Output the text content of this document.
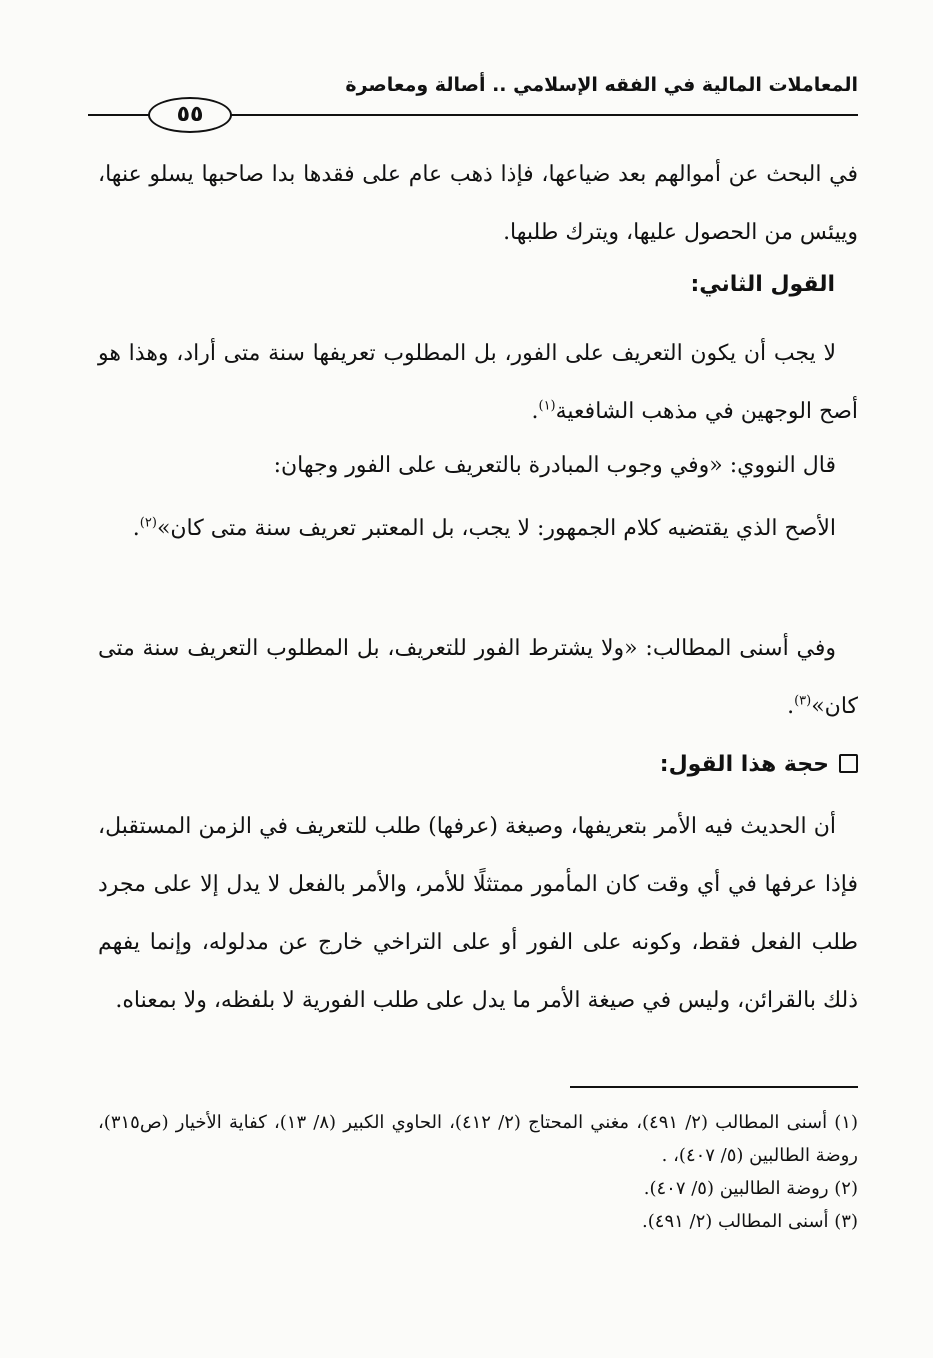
المعاملات المالية في الفقه الإسلامي .. أصالة ومعاصرة
٥٥

في البحث عن أموالهم بعد ضياعها، فإذا ذهب عام على فقدها بدا صاحبها يسلو عنها، وييئس من الحصول عليها، ويترك طلبها.

القول الثاني:

لا يجب أن يكون التعريف على الفور، بل المطلوب تعريفها سنة متى أراد، وهذا هو أصح الوجهين في مذهب الشافعية$^{(١)}$.

قال النووي: «وفي وجوب المبادرة بالتعريف على الفور وجهان:

الأصح الذي يقتضيه كلام الجمهور: لا يجب، بل المعتبر تعريف سنة متى كان»$^{(٢)}$.

وفي أسنى المطالب: «ولا يشترط الفور للتعريف، بل المطلوب التعريف سنة متى كان»$^{(٣)}$.

حجة هذا القول:

أن الحديث فيه الأمر بتعريفها، وصيغة (عرفها) طلب للتعريف في الزمن المستقبل، فإذا عرفها في أي وقت كان المأمور ممتثلًا للأمر، والأمر بالفعل لا يدل إلا على مجرد طلب الفعل فقط، وكونه على الفور أو على التراخي خارج عن مدلوله، وإنما يفهم ذلك بالقرائن، وليس في صيغة الأمر ما يدل على طلب الفورية لا بلفظه، ولا بمعناه.

(١) أسنى المطالب (٢/ ٤٩١)، مغني المحتاج (٢/ ٤١٢)، الحاوي الكبير (٨/ ١٣)، كفاية الأخيار (ص٣١٥)، روضة الطالبين (٥/ ٤٠٧)، .
(٢) روضة الطالبين (٥/ ٤٠٧).
(٣) أسنى المطالب (٢/ ٤٩١).
